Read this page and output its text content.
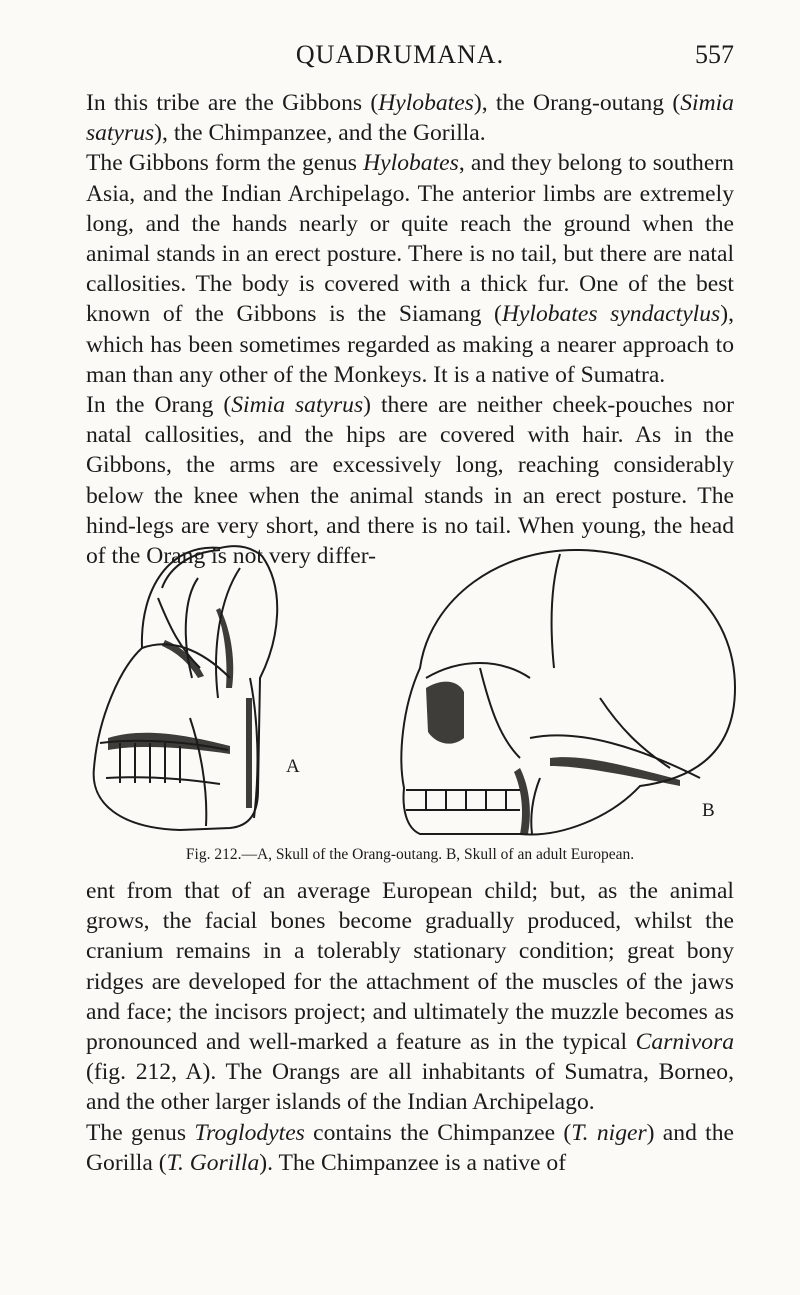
QUADRUMANA.	557

In this tribe are the Gibbons (Hylobates), the Orang-outang (Simia satyrus), the Chimpanzee, and the Gorilla.

The Gibbons form the genus Hylobates, and they belong to southern Asia, and the Indian Archipelago. The anterior limbs are extremely long, and the hands nearly or quite reach the ground when the animal stands in an erect posture. There is no tail, but there are natal callosities. The body is covered with a thick fur. One of the best known of the Gibbons is the Siamang (Hylobates syndactylus), which has been sometimes regarded as making a nearer approach to man than any other of the Monkeys. It is a native of Sumatra.

In the Orang (Simia satyrus) there are neither cheek-pouches nor natal callosities, and the hips are covered with hair. As in the Gibbons, the arms are excessively long, reaching considerably below the knee when the animal stands in an erect posture. The hind-legs are very short, and there is no tail. When young, the head of the Orang is not very differ-

A
B
Fig. 212.—A, Skull of the Orang-outang. B, Skull of an adult European.

ent from that of an average European child; but, as the animal grows, the facial bones become gradually produced, whilst the cranium remains in a tolerably stationary condition; great bony ridges are developed for the attachment of the muscles of the jaws and face; the incisors project; and ultimately the muzzle becomes as pronounced and well-marked a feature as in the typical Carnivora (fig. 212, A). The Orangs are all inhabitants of Sumatra, Borneo, and the other larger islands of the Indian Archipelago.

The genus Troglodytes contains the Chimpanzee (T. niger) and the Gorilla (T. Gorilla). The Chimpanzee is a native of
